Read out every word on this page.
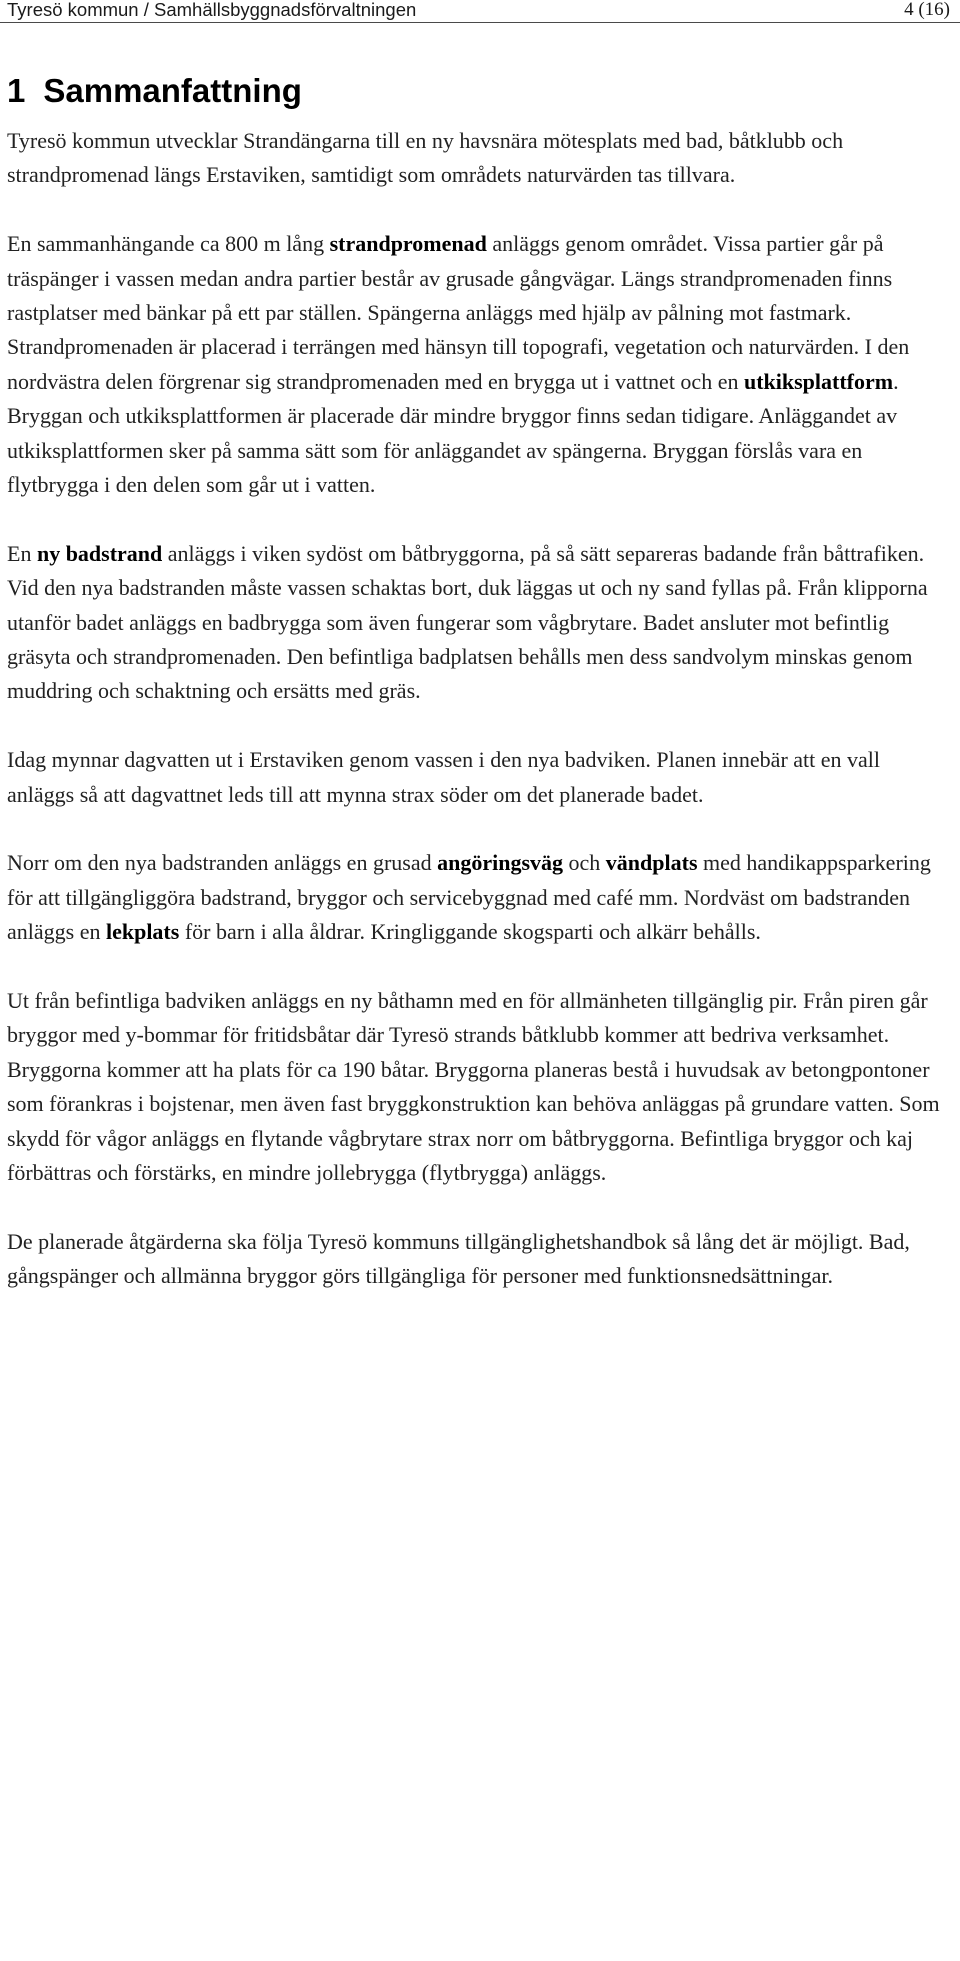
Tyresö kommun / Samhällsbyggnadsförvaltningen	4 (16)
1 Sammanfattning

Tyresö kommun utvecklar Strandängarna till en ny havsnära mötesplats med bad, båtklubb och strandpromenad längs Erstaviken, samtidigt som områdets naturvärden tas tillvara.

En sammanhängande ca 800 m lång strandpromenad anläggs genom området. Vissa partier går på träspänger i vassen medan andra partier består av grusade gångvägar. Längs strandpromenaden finns rastplatser med bänkar på ett par ställen. Spängerna anläggs med hjälp av pålning mot fastmark. Strandpromenaden är placerad i terrängen med hänsyn till topografi, vegetation och naturvärden. I den nordvästra delen förgrenar sig strandpromenaden med en brygga ut i vattnet och en utkiksplattform. Bryggan och utkiksplattformen är placerade där mindre bryggor finns sedan tidigare. Anläggandet av utkiksplattformen sker på samma sätt som för anläggandet av spängerna. Bryggan förslås vara en flytbrygga i den delen som går ut i vatten.

En ny badstrand anläggs i viken sydöst om båtbryggorna, på så sätt separeras badande från båttrafiken. Vid den nya badstranden måste vassen schaktas bort, duk läggas ut och ny sand fyllas på. Från klipporna utanför badet anläggs en badbrygga som även fungerar som vågbrytare. Badet ansluter mot befintlig gräsyta och strandpromenaden. Den befintliga badplatsen behålls men dess sandvolym minskas genom muddring och schaktning och ersätts med gräs.

Idag mynnar dagvatten ut i Erstaviken genom vassen i den nya badviken. Planen innebär att en vall anläggs så att dagvattnet leds till att mynna strax söder om det planerade badet.

Norr om den nya badstranden anläggs en grusad angöringsväg och vändplats med handikappsparkering för att tillgängliggöra badstrand, bryggor och servicebyggnad med café mm. Nordväst om badstranden anläggs en lekplats för barn i alla åldrar. Kringliggande skogsparti och alkärr behålls.

Ut från befintliga badviken anläggs en ny båthamn med en för allmänheten tillgänglig pir. Från piren går bryggor med y-bommar för fritidsbåtar där Tyresö strands båtklubb kommer att bedriva verksamhet. Bryggorna kommer att ha plats för ca 190 båtar. Bryggorna planeras bestå i huvudsak av betongpontoner som förankras i bojstenar, men även fast bryggkonstruktion kan behöva anläggas på grundare vatten. Som skydd för vågor anläggs en flytande vågbrytare strax norr om båtbryggorna. Befintliga bryggor och kaj förbättras och förstärks, en mindre jollebrygga (flytbrygga) anläggs.

De planerade åtgärderna ska följa Tyresö kommuns tillgänglighetshandbok så lång det är möjligt. Bad, gångspänger och allmänna bryggor görs tillgängliga för personer med funktionsnedsättningar.
